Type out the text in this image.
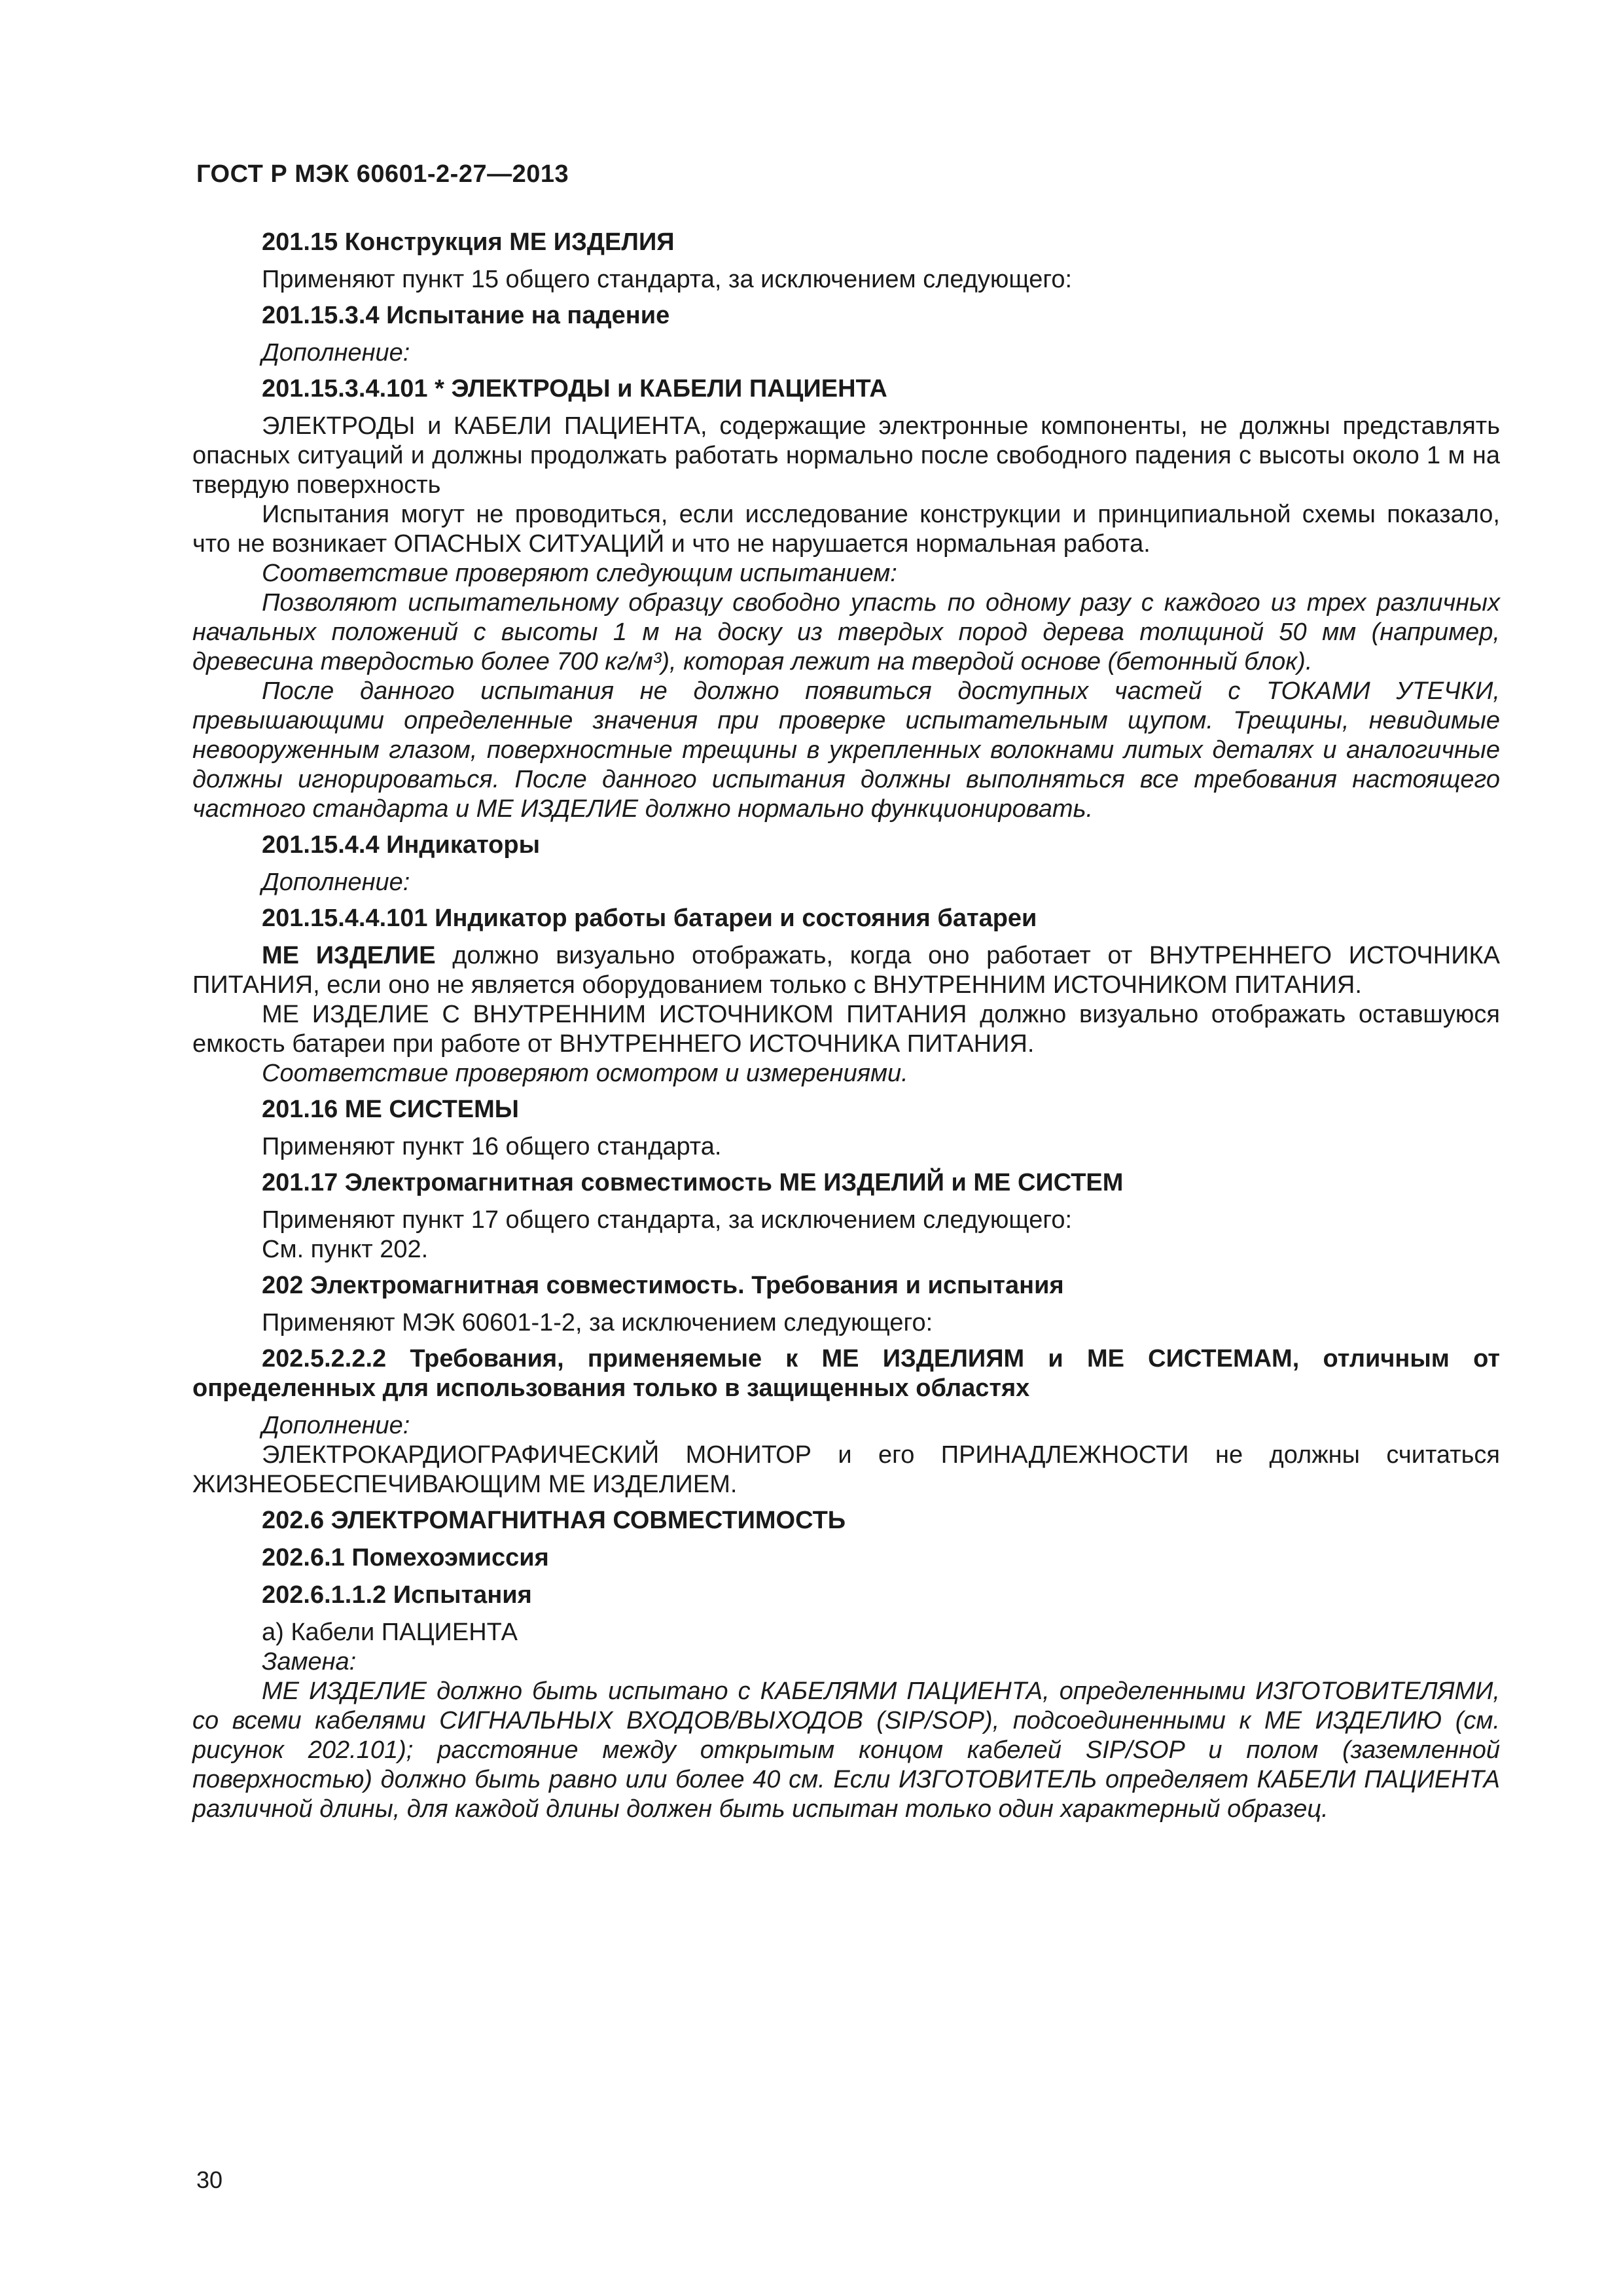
ГОСТ Р МЭК 60601-2-27—2013

201.15 Конструкция МЕ ИЗДЕЛИЯ

Применяют пункт 15 общего стандарта, за исключением следующего:

201.15.3.4 Испытание на падение

Дополнение:

201.15.3.4.101 * ЭЛЕКТРОДЫ и КАБЕЛИ ПАЦИЕНТА

ЭЛЕКТРОДЫ и КАБЕЛИ ПАЦИЕНТА, содержащие электронные компоненты, не должны представлять опасных ситуаций и должны продолжать работать нормально после свободного падения с высоты около 1 м на твердую поверхность

Испытания могут не проводиться, если исследование конструкции и принципиальной схемы показало, что не возникает ОПАСНЫХ СИТУАЦИЙ и что не нарушается нормальная работа.

Соответствие проверяют следующим испытанием:

Позволяют испытательному образцу свободно упасть по одному разу с каждого из трех различных начальных положений с высоты 1 м на доску из твердых пород дерева толщиной 50 мм (например, древесина твердостью более 700 кг/м³), которая лежит на твердой основе (бетонный блок).

После данного испытания не должно появиться доступных частей с ТОКАМИ УТЕЧКИ, превышающими определенные значения при проверке испытательным щупом. Трещины, невидимые невооруженным глазом, поверхностные трещины в укрепленных волокнами литых деталях и аналогичные должны игнорироваться. После данного испытания должны выполняться все требования настоящего частного стандарта и МЕ ИЗДЕЛИЕ должно нормально функционировать.

201.15.4.4 Индикаторы

Дополнение:

201.15.4.4.101 Индикатор работы батареи и состояния батареи

МЕ ИЗДЕЛИЕ должно визуально отображать, когда оно работает от ВНУТРЕННЕГО ИСТОЧНИКА ПИТАНИЯ, если оно не является оборудованием только с ВНУТРЕННИМ ИСТОЧНИКОМ ПИТАНИЯ.

МЕ ИЗДЕЛИЕ С ВНУТРЕННИМ ИСТОЧНИКОМ ПИТАНИЯ должно визуально отображать оставшуюся емкость батареи при работе от ВНУТРЕННЕГО ИСТОЧНИКА ПИТАНИЯ.

Соответствие проверяют осмотром и измерениями.

201.16 МЕ СИСТЕМЫ

Применяют пункт 16 общего стандарта.

201.17 Электромагнитная совместимость МЕ ИЗДЕЛИЙ и МЕ СИСТЕМ

Применяют пункт 17 общего стандарта, за исключением следующего:

См. пункт 202.

202 Электромагнитная совместимость. Требования и испытания

Применяют МЭК 60601-1-2, за исключением следующего:

202.5.2.2.2 Требования, применяемые к МЕ ИЗДЕЛИЯМ и МЕ СИСТЕМАМ, отличным от определенных для использования только в защищенных областях

Дополнение:

ЭЛЕКТРОКАРДИОГРАФИЧЕСКИЙ МОНИТОР и его ПРИНАДЛЕЖНОСТИ не должны считаться ЖИЗНЕОБЕСПЕЧИВАЮЩИМ МЕ ИЗДЕЛИЕМ.

202.6 ЭЛЕКТРОМАГНИТНАЯ СОВМЕСТИМОСТЬ

202.6.1 Помехоэмиссия

202.6.1.1.2 Испытания

a) Кабели ПАЦИЕНТА

Замена:

МЕ ИЗДЕЛИЕ должно быть испытано с КАБЕЛЯМИ ПАЦИЕНТА, определенными ИЗГОТОВИТЕЛЯМИ, со всеми кабелями СИГНАЛЬНЫХ ВХОДОВ/ВЫХОДОВ (SIP/SOP), подсоединенными к МЕ ИЗДЕЛИЮ (см. рисунок 202.101); расстояние между открытым концом кабелей SIP/SOP и полом (заземленной поверхностью) должно быть равно или более 40 см. Если ИЗГОТОВИТЕЛЬ определяет КАБЕЛИ ПАЦИЕНТА различной длины, для каждой длины должен быть испытан только один характерный образец.

30
